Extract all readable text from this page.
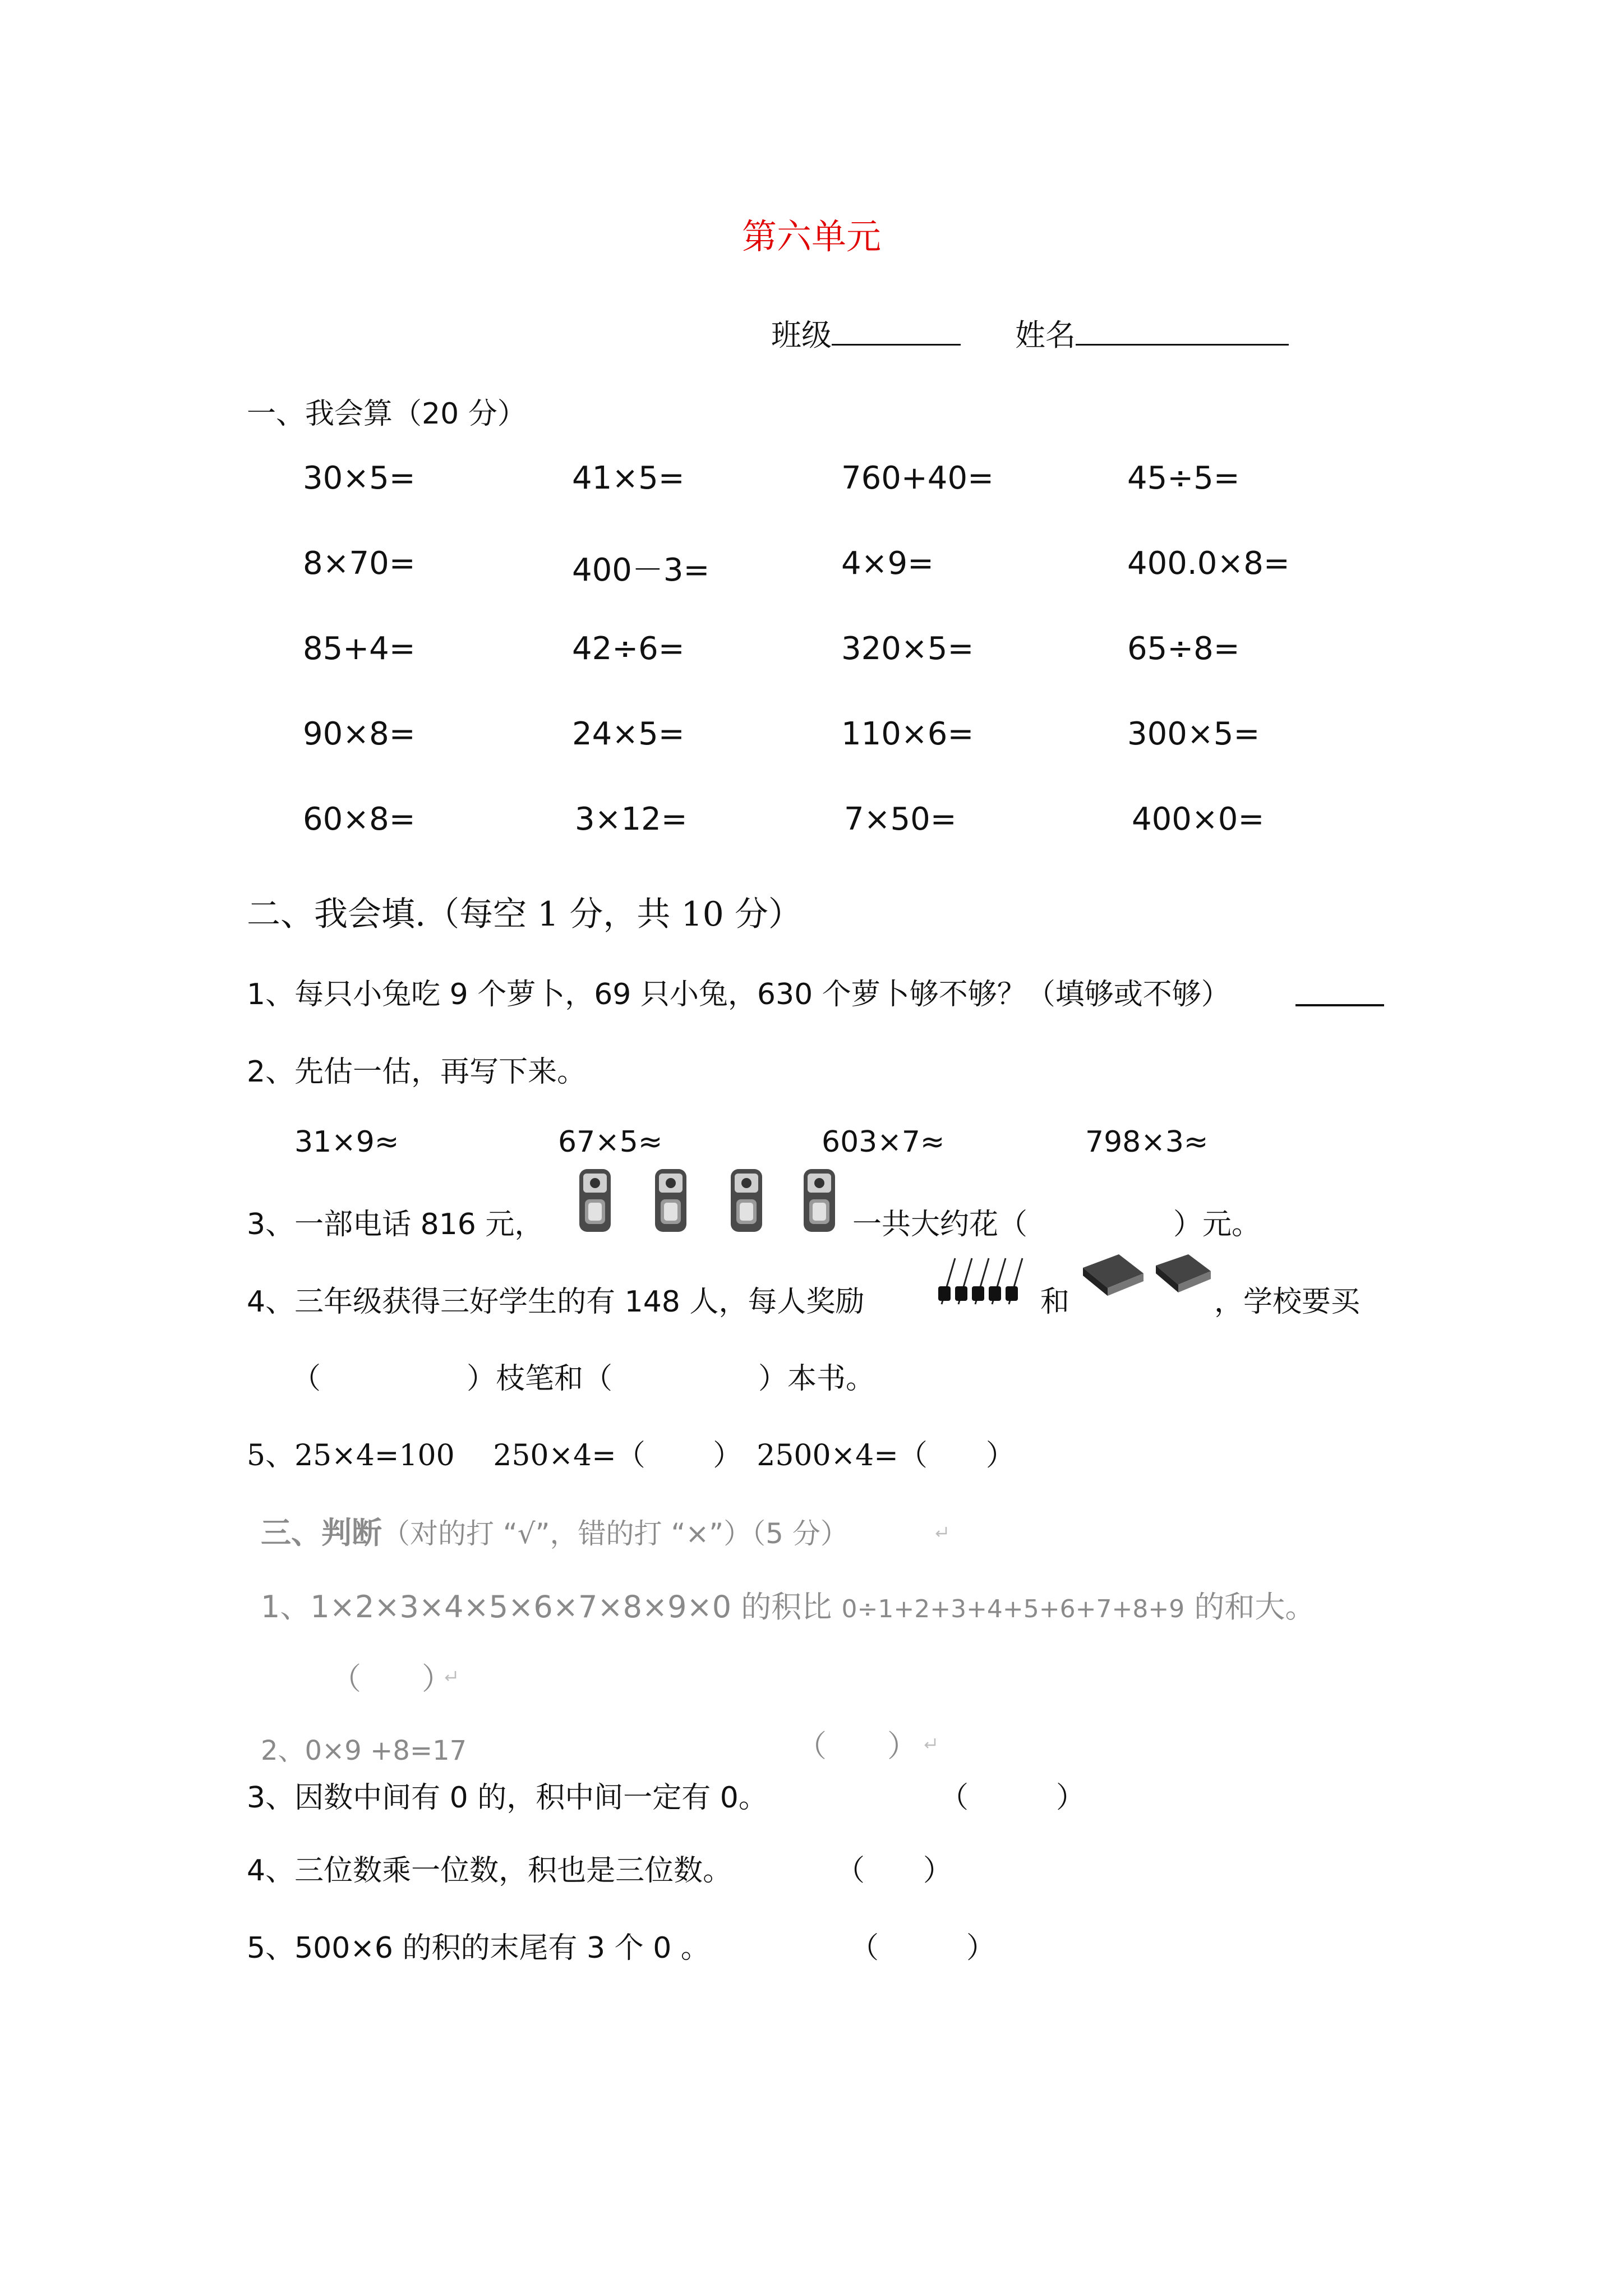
第六单元
班级	姓名
一、我会算（20 分）
30×5=	41×5=	760+40=	45÷5=
8×70=	400－3=	4×9=	400.0×8=
85+4=	42÷6=	320×5=	65÷8=
90×8=	24×5=	110×6=	300×5=
60×8=	3×12=	7×50=	400×0=
二、我会填.（每空 1 分，共 10 分）
1、每只小兔吃 9 个萝卜，69 只小兔，630 个萝卜够不够？（填够或不够）
2、先估一估，再写下来。
31×9≈	67×5≈	603×7≈	798×3≈
3、一部电话 816 元，	一共大约花（　　　　　）元。
4、三年级获得三好学生的有 148 人，每人奖励	和	，学校要买
（　　　　　）枝笔和（　　　　　）本书。
5、25×4=100　 250×4=（　　 ）　2500×4=（　　）
三、判断（对的打 “√”，错的打 “×”）（5 分）
1、1×2×3×4×5×6×7×8×9×0 的积比 0÷1+2+3+4+5+6+7+8+9 的和大。
（　　）
2、0×9 +8=17	（　　）
3、因数中间有 0 的，积中间一定有 0。	（　　　）
4、三位数乘一位数，积也是三位数。	（　　）
5、500×6 的积的末尾有 3 个 0 。	（　　　）
